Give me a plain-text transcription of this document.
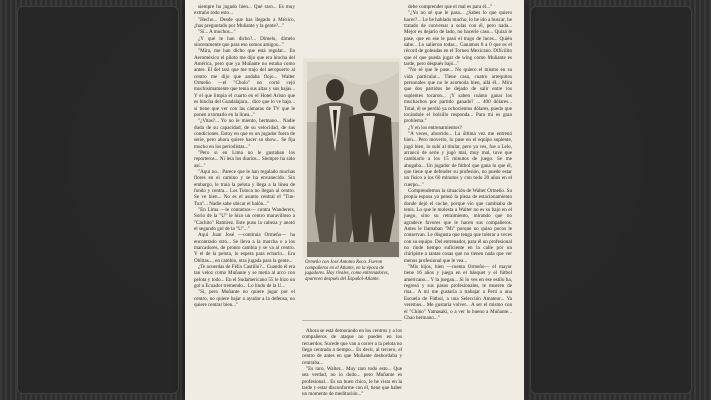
siempre ha jugado bien... Qué raro... Es muy extraño todo esto...

"Hecho... Desde que has llegado a México, ¿has preguntado por Muñante y la gente?..."

"Sí... A muchos..."

¿Y qué te han dicho?... Dímelo, dímelo sinceramente que para eso somos amigos..."

"Mira, me han dicho que está regular... En Aeroméxico el piloto me dijo que era hincha del América, pero que ya Muñante no estaba como antes. El del taxi que me trajo del aeropuerto al centro me dijo que andaba flojo... Walter Ormeño —el "Cholo" no cortó cejó muchisimamente que tenía sus altas y sus bajas... Y el que limpia el cuarto en el Hotel Aristo que es hincha del Guadalajara... dice que lo ve bajo... si tiene que ver con las cámaras de TV que le ponen a tomarlo en la línea..."

"¿Vitas?... Yo no le miento, hermano... Nadie duda de su capacidad, de su velocidad, de sus condiciones. Estoy en que es un jugador fuera de serie, pero ahora quiere hacer su show... Se fija mucho en los periodistas..."

"Pero si en Lima no le gustaban los reporteros... Ni leía los diarios... Siempre ha sido así..."

"Aquí no... Parece que le han regalado muchas flores en el camino y se ha envanecido. Sin embargo, le traía la pelota y llega a la línea de fondo y centra... Los Toluca no llegan al centro. Se ve bien... No es el asunto central el "Tun-Tun"... Nadie sabe ubicar el balón..."

"En Lima —le contamos— contra Wanderers, Sorio de la "U" le hizo un centro maravilloso a "Cachito" Ramírez. Este puso la cabeza y anotó el segundo gol de la "U"..."

Aquí Juan José —continúa Ormeño— ha encontrado otro... Se lleva a la marcha o a los marcadores, de pronto cambia y se va al centro. Y el de la pelota, lo espera para echarlo... Era Oblitas..., en cambio, otra jugada para la gente...

¿Te acuerdas de Félix Castillo?... Cuando él era tan veloz como Muñante y se metía al arco con pelota y todo... En el Sudamericano 55 le hizo un gol a Ecuador tremendo... Lo lindo de la U...

"Sí, pero Muñante no quiere jugar por el centro, no quiere bajar a ayudar a la defensa, no quiere centrar bien..."

Ormeño con José Antonio Roca. Fueron compañeros en el Atlante, en la época de jugadores. Hoy rivales, como entrenadores, aparecen después del Español-Atlante.

Ahora se está demorando en los centros y a los compañeros de ataque no puedes en los recuerdos. Sucede que van a correr a la pelota no llega centrada a tiempo... Es decir, al tercero, el centro de antes en que Muñante desbordaba y centraba...

"Es raro, Walter... Muy raro todo esto... Que sea verdad, no lo dudo... pero Muñante es profesional... Es un buen chico, le he visto en la tarde y estar disconforme con él, tiene que haber un momento de meditación..."

debe comprender que el mal es para él..."

"¿Yo no sé que le pasa... ¿Sabes lo que quiero hacer?... Le he hablado mucho, lo he ido a buscar, he tratado de conversar a solas con él, pero nada... Mejor es dejarlo de lado, no hacerle caso... Quizá le pase, que en ese le pasó el trago de luces... Quién sabe... Lo salieron todas... Ganamos 8 a 0 que es el récord de goleadas en el Torneo Mexicano. Difícilito que el que pueda jugar de wing como Muñante es tarde, pero después bajó..."

"No sé que le pase... No quiero el mismo en su vida particular... Tiene casa, cuatro arrequitos personales que no le acomoda bien, allá él... Mira que dos partidos he dejado de salir entre los suplentes tocaron... ¡Y saben cuánto ganar los muchachos por partido ganado? ... 400 dólares... Total, él se perdió ya ochocientos dólares, puedo que tocándole el bolsillo responda... Para mí es gran problema."

¿Y en los entrenamientos?

"A veces, aburrido... La última vez me entrenó bien... Pero moverlo, lo puse en el equipo suplente, jugó bien, lo subí al titular, pero ya ves, fue a Lelo, arrancó de serie y jugó mal, muy mal, tuve que cambiarlo a los 15 minutos de juego. Se me ahogaba... Un jugador de fútbol que gana lo que él, que tiene que defender su profesión, no puede estar un físico a los 60 minutos y con todo 20 años en el cuerpo..."

Comprendemos la situación de Walter Ormeño. Su propia esposa ya pensó la pieza de estacionamiento donde dejó el coche, porque vio que cambiaba de tenis. Lo que le molesta a Walter no es su bajo en el juego, sino su retraimiento, mirando que no agradece favores que le hacen sus compañeros. Antes le llamaban "Mi" porque no quiso pocos le conservan. Le disgusta que tenga que tolerar a veces con su equipo. Del entrenador, para él un profesional no rinde tiempo suficiente en la calle por un chiripiste a tantas cosas que no tienen nada que ver menos profesional que le vea...

"Mis hijos, bien —cuenta Ormeño— el mayor tiene 16 años y juega en el básquet y el fútbol americano... Y la juegan... Si lo ves en ese estilo ha, regresó y sus pasos profesionales, te mueren de risa... A mí me gustaría a trabajar a Perú a una Escuela de Fútbol, a una Selección Amateur... Ya veremos... Me gustaría volver... A ser el mismo con el "Chino" Yamasaki, o a ver lo bueno a Muñante... Chao hermano..."
